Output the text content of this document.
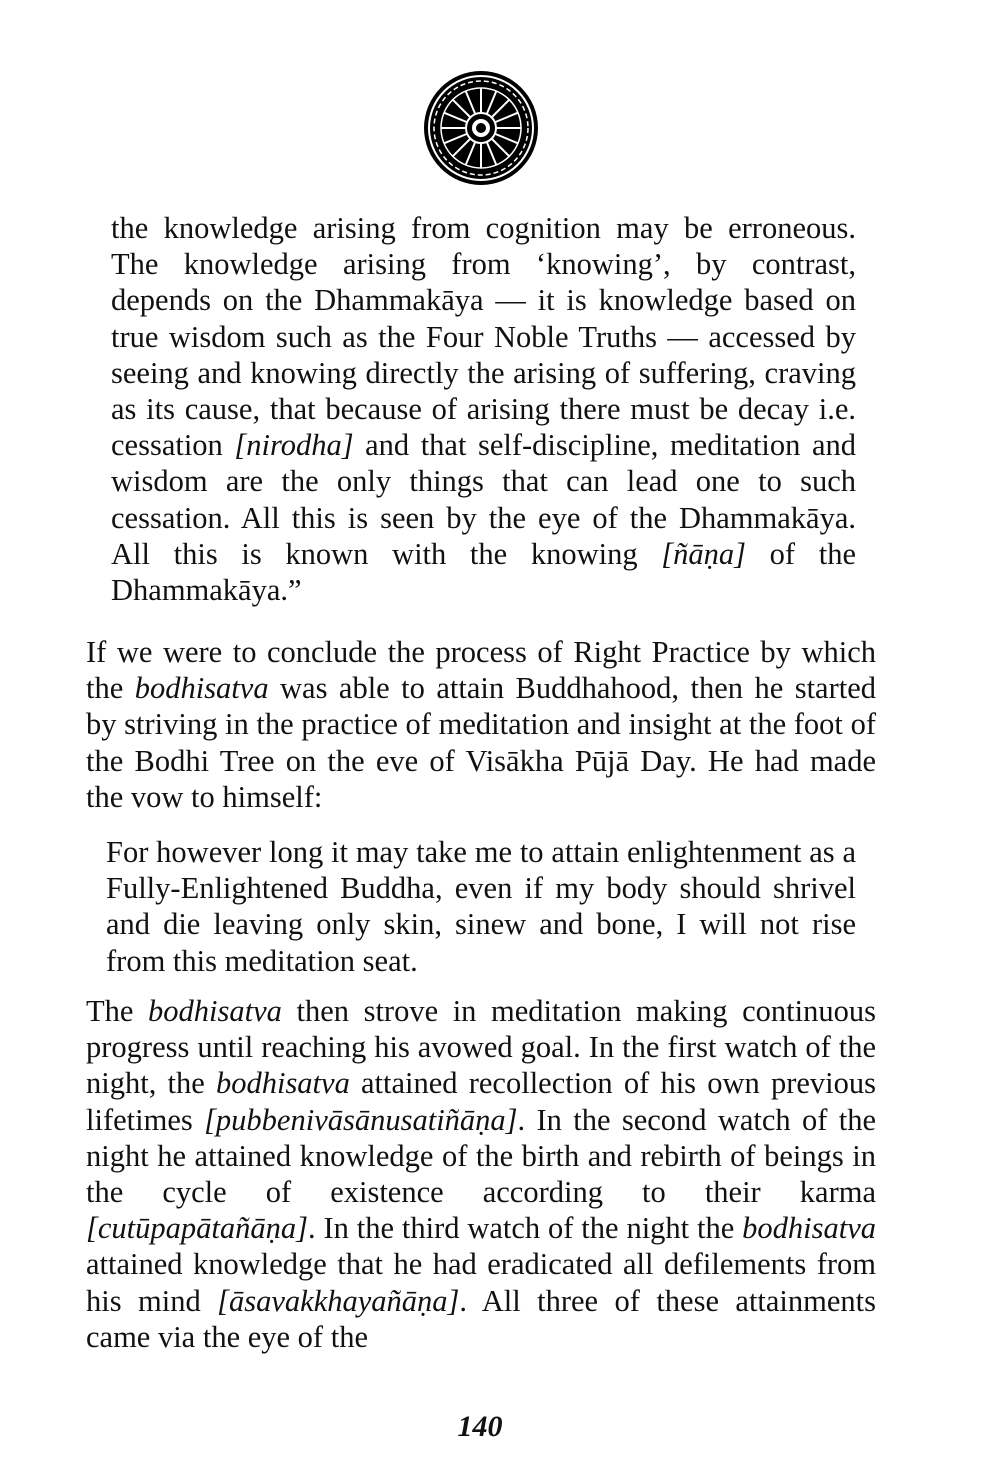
the knowledge arising from cognition may be erroneous. The knowledge arising from ‘knowing’, by contrast, depends on the Dhammakāya — it is knowledge based on true wisdom such as the Four Noble Truths — accessed by seeing and knowing directly the arising of suffering, craving as its cause, that because of arising there must be decay i.e. cessation [nirodha] and that self-discipline, meditation and wisdom are the only things that can lead one to such cessation. All this is seen by the eye of the Dhammakāya. All this is known with the knowing [ñāṇa] of the Dhammakāya.”

If we were to conclude the process of Right Practice by which the bodhisatva was able to attain Buddhahood, then he started by striving in the practice of meditation and insight at the foot of the Bodhi Tree on the eve of Visākha Pūjā Day. He had made the vow to himself:

For however long it may take me to attain enlightenment as a Fully-Enlightened Buddha, even if my body should shrivel and die leaving only skin, sinew and bone, I will not rise from this meditation seat.

The bodhisatva then strove in meditation making continuous progress until reaching his avowed goal. In the first watch of the night, the bodhisatva attained recollection of his own previous lifetimes [pubbenivāsānusatiñāṇa]. In the second watch of the night he attained knowledge of the birth and rebirth of beings in the cycle of existence according to their karma [cutūpapātañāṇa]. In the third watch of the night the bodhisatva attained knowledge that he had eradicated all defilements from his mind [āsavakkhayañāṇa]. All three of these attainments came via the eye of the

140
